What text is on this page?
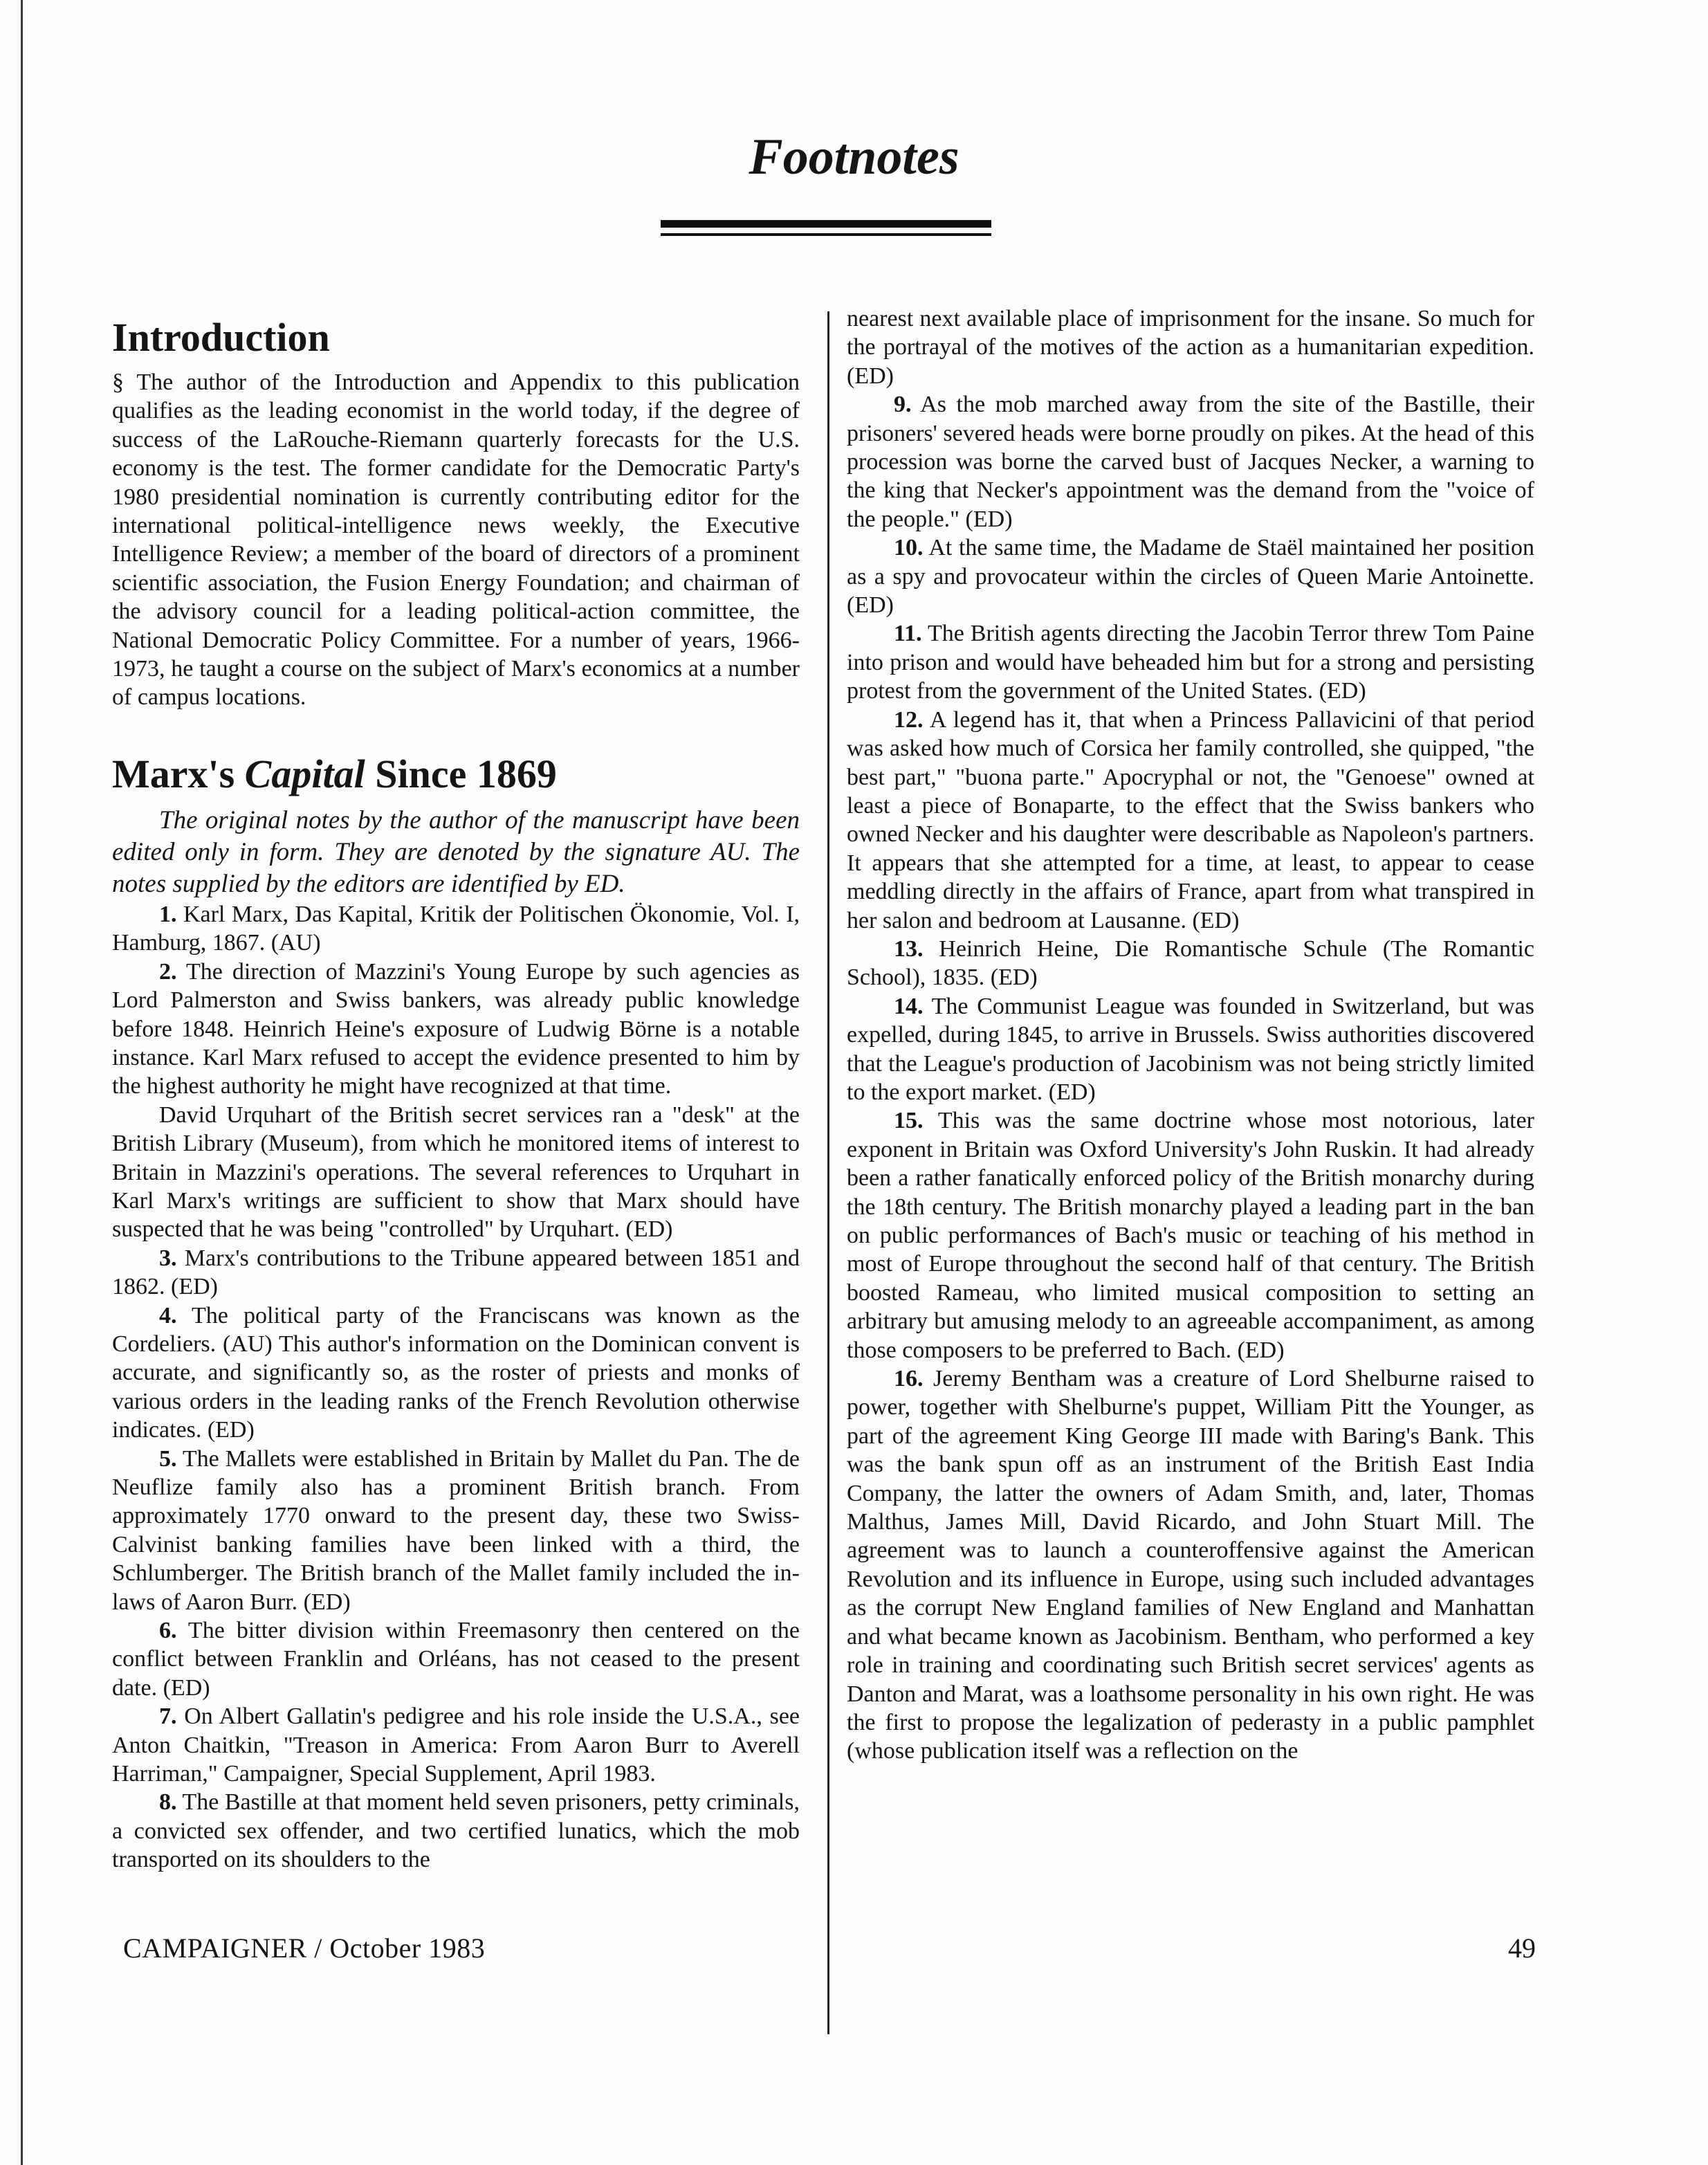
Footnotes
Introduction

§ The author of the Introduction and Appendix to this publication qualifies as the leading economist in the world today, if the degree of success of the LaRouche-Riemann quarterly forecasts for the U.S. economy is the test. The former candidate for the Democratic Party's 1980 presidential nomination is currently contributing editor for the international political-intelligence news weekly, the Executive Intelligence Review; a member of the board of directors of a prominent scientific association, the Fusion Energy Foundation; and chairman of the advisory council for a leading political-action committee, the National Democratic Policy Committee. For a number of years, 1966-1973, he taught a course on the subject of Marx's economics at a number of campus locations.

Marx's Capital Since 1869

The original notes by the author of the manuscript have been edited only in form. They are denoted by the signature AU. The notes supplied by the editors are identified by ED.

1. Karl Marx, Das Kapital, Kritik der Politischen Ökonomie, Vol. I, Hamburg, 1867. (AU)

2. The direction of Mazzini's Young Europe by such agencies as Lord Palmerston and Swiss bankers, was already public knowledge before 1848. Heinrich Heine's exposure of Ludwig Börne is a notable instance. Karl Marx refused to accept the evidence presented to him by the highest authority he might have recognized at that time.

David Urquhart of the British secret services ran a "desk" at the British Library (Museum), from which he monitored items of interest to Britain in Mazzini's operations. The several references to Urquhart in Karl Marx's writings are sufficient to show that Marx should have suspected that he was being "controlled" by Urquhart. (ED)

3. Marx's contributions to the Tribune appeared between 1851 and 1862. (ED)

4. The political party of the Franciscans was known as the Cordeliers. (AU) This author's information on the Dominican convent is accurate, and significantly so, as the roster of priests and monks of various orders in the leading ranks of the French Revolution otherwise indicates. (ED)

5. The Mallets were established in Britain by Mallet du Pan. The de Neuflize family also has a prominent British branch. From approximately 1770 onward to the present day, these two Swiss-Calvinist banking families have been linked with a third, the Schlumberger. The British branch of the Mallet family included the in-laws of Aaron Burr. (ED)

6. The bitter division within Freemasonry then centered on the conflict between Franklin and Orléans, has not ceased to the present date. (ED)

7. On Albert Gallatin's pedigree and his role inside the U.S.A., see Anton Chaitkin, "Treason in America: From Aaron Burr to Averell Harriman," Campaigner, Special Supplement, April 1983.

8. The Bastille at that moment held seven prisoners, petty criminals, a convicted sex offender, and two certified lunatics, which the mob transported on its shoulders to the

nearest next available place of imprisonment for the insane. So much for the portrayal of the motives of the action as a humanitarian expedition. (ED)

9. As the mob marched away from the site of the Bastille, their prisoners' severed heads were borne proudly on pikes. At the head of this procession was borne the carved bust of Jacques Necker, a warning to the king that Necker's appointment was the demand from the "voice of the people." (ED)

10. At the same time, the Madame de Staël maintained her position as a spy and provocateur within the circles of Queen Marie Antoinette. (ED)

11. The British agents directing the Jacobin Terror threw Tom Paine into prison and would have beheaded him but for a strong and persisting protest from the government of the United States. (ED)

12. A legend has it, that when a Princess Pallavicini of that period was asked how much of Corsica her family controlled, she quipped, "the best part," "buona parte." Apocryphal or not, the "Genoese" owned at least a piece of Bonaparte, to the effect that the Swiss bankers who owned Necker and his daughter were describable as Napoleon's partners. It appears that she attempted for a time, at least, to appear to cease meddling directly in the affairs of France, apart from what transpired in her salon and bedroom at Lausanne. (ED)

13. Heinrich Heine, Die Romantische Schule (The Romantic School), 1835. (ED)

14. The Communist League was founded in Switzerland, but was expelled, during 1845, to arrive in Brussels. Swiss authorities discovered that the League's production of Jacobinism was not being strictly limited to the export market. (ED)

15. This was the same doctrine whose most notorious, later exponent in Britain was Oxford University's John Ruskin. It had already been a rather fanatically enforced policy of the British monarchy during the 18th century. The British monarchy played a leading part in the ban on public performances of Bach's music or teaching of his method in most of Europe throughout the second half of that century. The British boosted Rameau, who limited musical composition to setting an arbitrary but amusing melody to an agreeable accompaniment, as among those composers to be preferred to Bach. (ED)

16. Jeremy Bentham was a creature of Lord Shelburne raised to power, together with Shelburne's puppet, William Pitt the Younger, as part of the agreement King George III made with Baring's Bank. This was the bank spun off as an instrument of the British East India Company, the latter the owners of Adam Smith, and, later, Thomas Malthus, James Mill, David Ricardo, and John Stuart Mill. The agreement was to launch a counteroffensive against the American Revolution and its influence in Europe, using such included advantages as the corrupt New England families of New England and Manhattan and what became known as Jacobinism. Bentham, who performed a key role in training and coordinating such British secret services' agents as Danton and Marat, was a loathsome personality in his own right. He was the first to propose the legalization of pederasty in a public pamphlet (whose publication itself was a reflection on the

CAMPAIGNER / October 1983	49
